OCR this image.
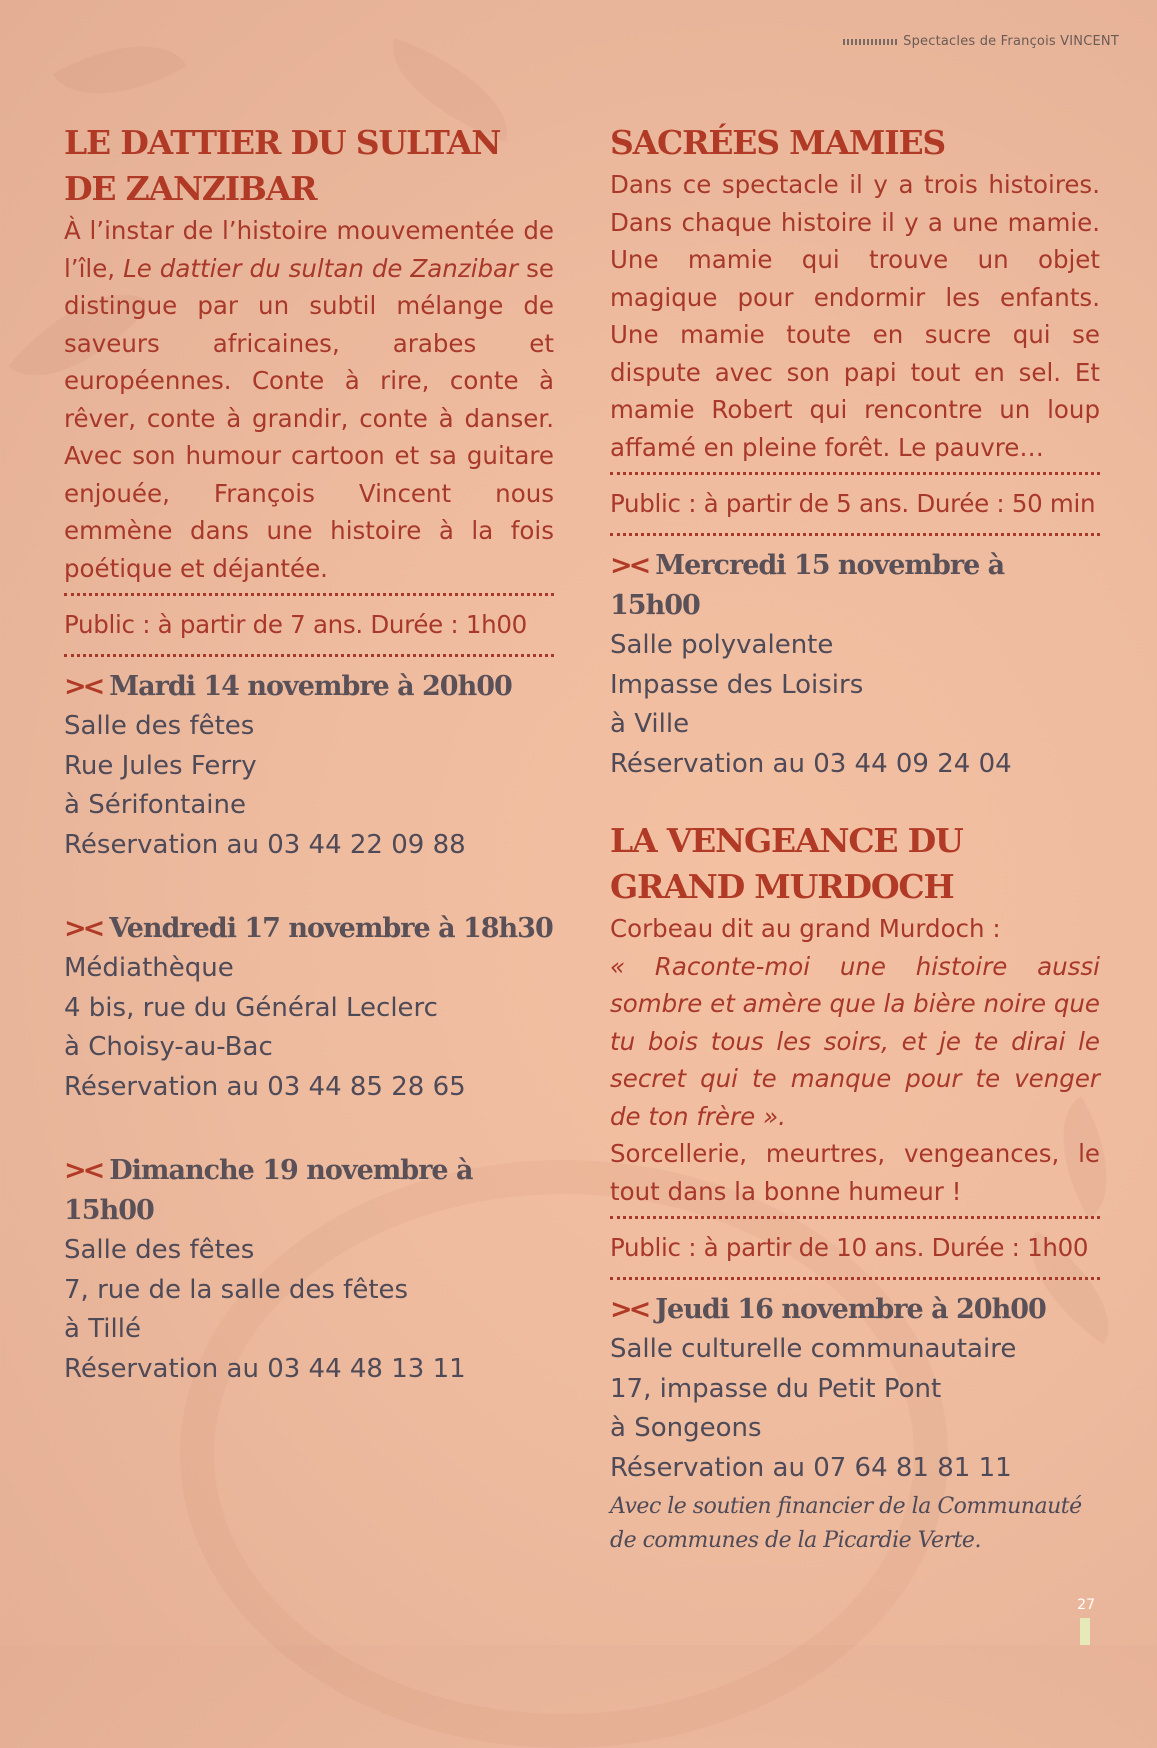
Spectacles de François VINCENT
LE DATTIER DU SULTAN DE ZANZIBAR

À l’instar de l’histoire mouvementée de l’île, Le dattier du sultan de Zanzibar se distingue par un subtil mélange de saveurs africaines, arabes et européennes. Conte à rire, conte à rêver, conte à grandir, conte à danser. Avec son humour cartoon et sa guitare enjouée, François Vincent nous emmène dans une histoire à la fois poétique et déjantée.

Public : à partir de 7 ans. Durée : 1h00
>< Mardi 14 novembre à 20h00
Salle des fêtes
Rue Jules Ferry
à Sérifontaine
Réservation au 03 44 22 09 88
>< Vendredi 17 novembre à 18h30
Médiathèque
4 bis, rue du Général Leclerc
à Choisy-au-Bac
Réservation au 03 44 85 28 65
>< Dimanche 19 novembre à 15h00
Salle des fêtes
7, rue de la salle des fêtes
à Tillé
Réservation au 03 44 48 13 11
SACRÉES MAMIES

Dans ce spectacle il y a trois histoires. Dans chaque histoire il y a une mamie. Une mamie qui trouve un objet magique pour endormir les enfants. Une mamie toute en sucre qui se dispute avec son papi tout en sel. Et mamie Robert qui rencontre un loup affamé en pleine forêt. Le pauvre…

Public : à partir de 5 ans. Durée : 50 min
>< Mercredi 15 novembre à 15h00
Salle polyvalente
Impasse des Loisirs
à Ville
Réservation au 03 44 09 24 04
LA VENGEANCE DU GRAND MURDOCH

Corbeau dit au grand Murdoch :

« Raconte-moi une histoire aussi sombre et amère que la bière noire que tu bois tous les soirs, et je te dirai le secret qui te manque pour te venger de ton frère ».

Sorcellerie, meurtres, vengeances, le tout dans la bonne humeur !

Public : à partir de 10 ans. Durée : 1h00
>< Jeudi 16 novembre à 20h00
Salle culturelle communautaire
17, impasse du Petit Pont
à Songeons
Réservation au 07 64 81 81 11
Avec le soutien financier de la Communauté de communes de la Picardie Verte.
27
